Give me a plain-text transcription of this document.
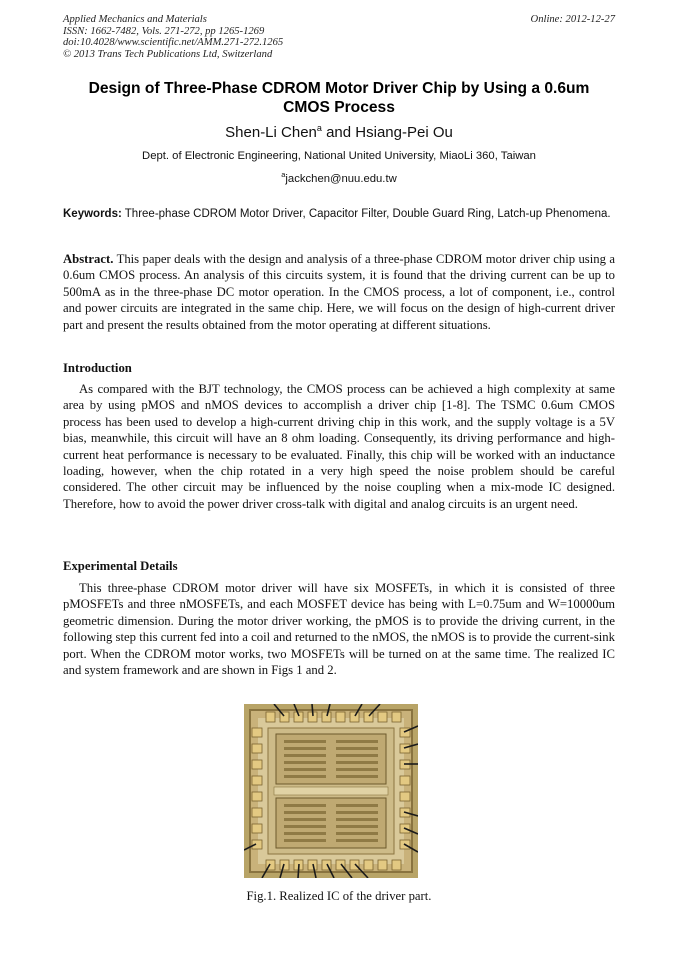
Applied Mechanics and Materials
ISSN: 1662-7482, Vols. 271-272, pp 1265-1269
doi:10.4028/www.scientific.net/AMM.271-272.1265
© 2013 Trans Tech Publications Ltd, Switzerland
Online: 2012-12-27
Design of Three-Phase CDROM Motor Driver Chip by Using a 0.6um CMOS Process
Shen-Li Chen$^a$ and Hsiang-Pei Ou
Dept. of Electronic Engineering, National United University, MiaoLi 360, Taiwan
$^a$jackchen@nuu.edu.tw
Keywords: Three-phase CDROM Motor Driver, Capacitor Filter, Double Guard Ring, Latch-up Phenomena.
Abstract. This paper deals with the design and analysis of a three-phase CDROM motor driver chip using a 0.6um CMOS process. An analysis of this circuits system, it is found that the driving current can be up to 500mA as in the three-phase DC motor operation. In the CMOS process, a lot of component, i.e., control and power circuits are integrated in the same chip. Here, we will focus on the design of high-current driver part and present the results obtained from the motor operating at different situations.
Introduction
As compared with the BJT technology, the CMOS process can be achieved a high complexity at same area by using pMOS and nMOS devices to accomplish a driver chip [1-8]. The TSMC 0.6um CMOS process has been used to develop a high-current driving chip in this work, and the supply voltage is a 5V bias, meanwhile, this circuit will have an 8 ohm loading. Consequently, its driving performance and high-current heat performance is necessary to be evaluated. Finally, this chip will be worked with an inductance loading, however, when the chip rotated in a very high speed the noise problem should be careful considered. The other circuit may be influenced by the noise coupling when a mix-mode IC designed. Therefore, how to avoid the power driver cross-talk with digital and analog circuits is an urgent need.
Experimental Details
This three-phase CDROM motor driver will have six MOSFETs, in which it is consisted of three pMOSFETs and three nMOSFETs, and each MOSFET device has being with L=0.75um and W=10000um geometric dimension. During the motor driver working, the pMOS is to provide the driving current, in the following step this current fed into a coil and returned to the nMOS, the nMOS is to provide the current-sink port. When the CDROM motor works, two MOSFETs will be turned on at the same time. The realized IC and system framework and are shown in Figs 1 and 2.
Fig.1. Realized IC of the driver part.
